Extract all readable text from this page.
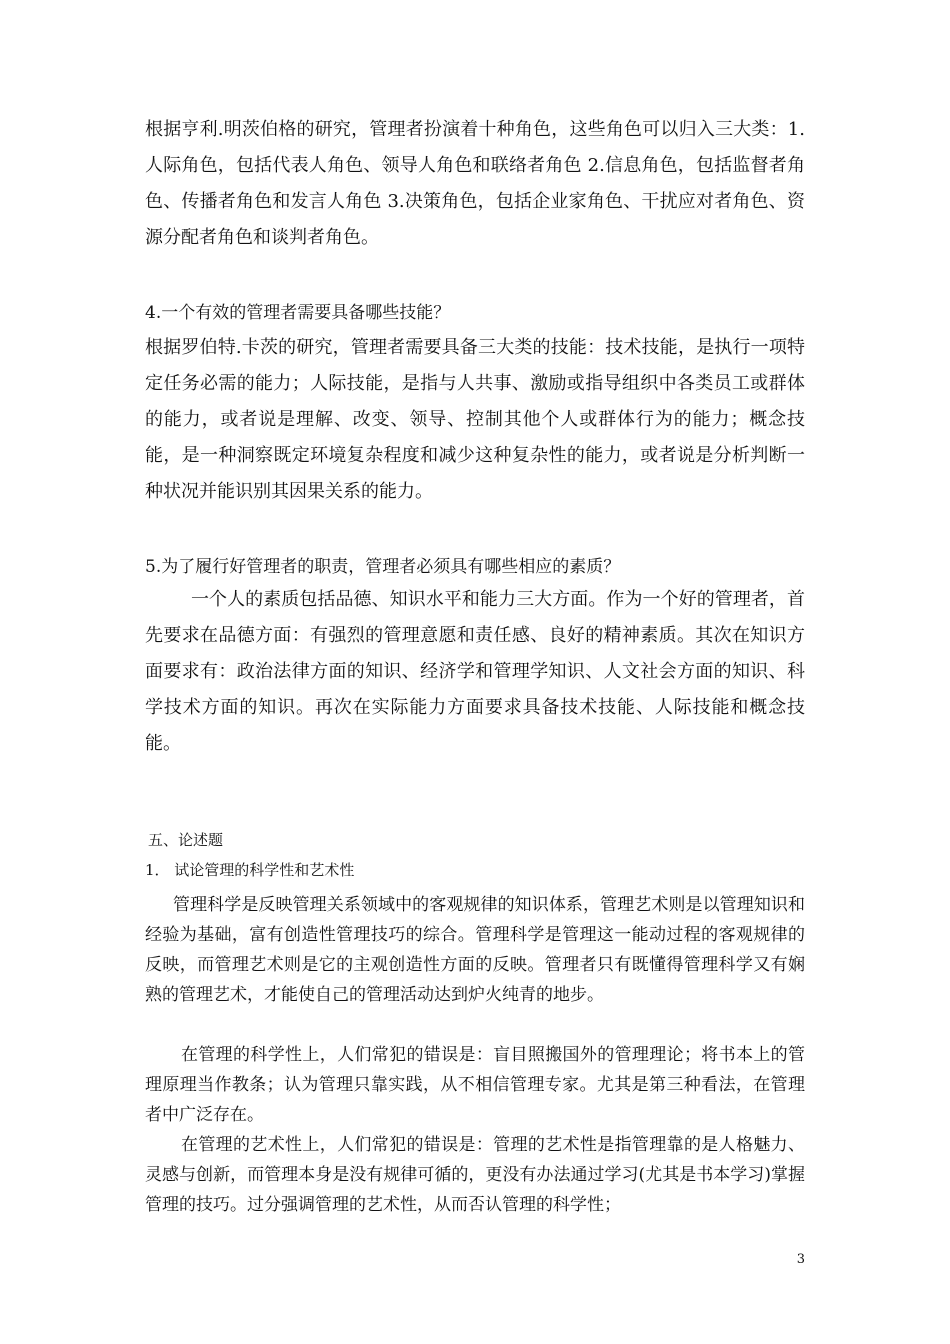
根据亨利.明茨伯格的研究，管理者扮演着十种角色，这些角色可以归入三大类：1.人际角色，包括代表人角色、领导人角色和联络者角色 2.信息角色，包括监督者角色、传播者角色和发言人角色 3.决策角色，包括企业家角色、干扰应对者角色、资源分配者角色和谈判者角色。

4.一个有效的管理者需要具备哪些技能？

根据罗伯特.卡茨的研究，管理者需要具备三大类的技能：技术技能，是执行一项特定任务必需的能力；人际技能，是指与人共事、激励或指导组织中各类员工或群体的能力，或者说是理解、改变、领导、控制其他个人或群体行为的能力；概念技能，是一种洞察既定环境复杂程度和减少这种复杂性的能力，或者说是分析判断一种状况并能识别其因果关系的能力。

5.为了履行好管理者的职责，管理者必须具有哪些相应的素质？

一个人的素质包括品德、知识水平和能力三大方面。作为一个好的管理者，首先要求在品德方面：有强烈的管理意愿和责任感、良好的精神素质。其次在知识方面要求有：政治法律方面的知识、经济学和管理学知识、人文社会方面的知识、科学技术方面的知识。再次在实际能力方面要求具备技术技能、人际技能和概念技能。

五、论述题

1． 试论管理的科学性和艺术性

管理科学是反映管理关系领域中的客观规律的知识体系，管理艺术则是以管理知识和经验为基础，富有创造性管理技巧的综合。管理科学是管理这一能动过程的客观规律的反映，而管理艺术则是它的主观创造性方面的反映。管理者只有既懂得管理科学又有娴熟的管理艺术，才能使自己的管理活动达到炉火纯青的地步。

在管理的科学性上，人们常犯的错误是：盲目照搬国外的管理理论；将书本上的管理原理当作教条；认为管理只靠实践，从不相信管理专家。尤其是第三种看法，在管理者中广泛存在。

在管理的艺术性上，人们常犯的错误是：管理的艺术性是指管理靠的是人格魅力、灵感与创新，而管理本身是没有规律可循的，更没有办法通过学习(尤其是书本学习)掌握管理的技巧。过分强调管理的艺术性，从而否认管理的科学性；

3
